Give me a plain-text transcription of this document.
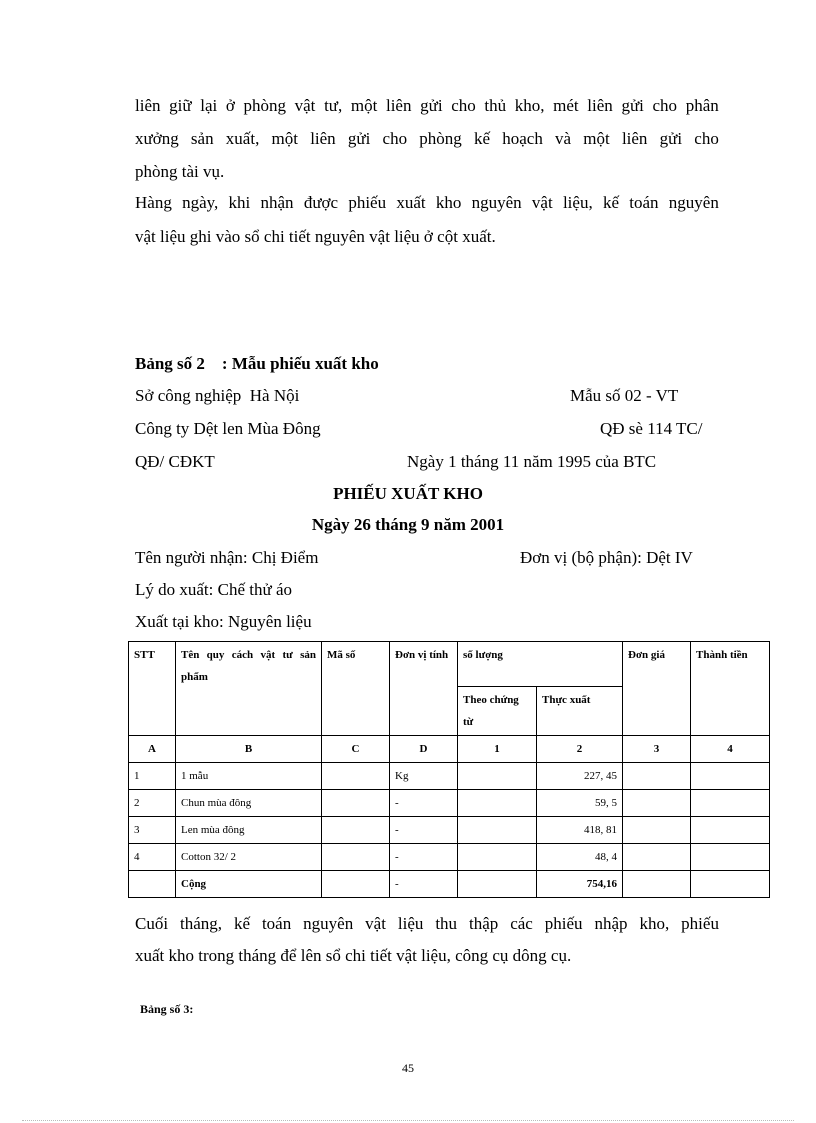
liên giữ lại ở phòng vật tư, một liên gửi cho thủ kho, mét liên gửi cho phân
xưởng sản xuất, một liên gửi cho phòng kế hoạch và một liên gửi cho
phòng tài vụ.
Hàng ngày, khi nhận được phiếu xuất kho nguyên vật liệu, kế toán nguyên
vật liệu ghi vào sổ chi tiết nguyên vật liệu ở cột xuất.
Bảng số 2    : Mẫu phiếu xuất kho
Sở công nghiệp  Hà Nội	Mẫu số 02 - VT
Công ty Dệt len Mùa Đông	QĐ sè 114 TC/
QĐ/ CĐKT	Ngày 1 tháng 11 năm 1995 của BTC
PHIẾU XUẤT KHO
Ngày 26 tháng 9 năm 2001
Tên người nhận: Chị Điểm	Đơn vị (bộ phận): Dệt IV
Lý do xuất: Chế thử áo
Xuất tại kho: Nguyên liệu
STT	Tên quy cách vật tư sản phẩm	Mã số	Đơn vị tính	số lượng		Đơn giá	Thành tiền
				Theo chứng từ	Thực xuất		
A	B	C	D	1	2	3	4
1	1 mẫu		Kg		227, 45		
2	Chun mùa đông		-		59, 5		
3	Len mùa đông		-		418, 81		
4	Cotton 32/ 2		-		48, 4		
	Cộng		-		754,16		
Cuối tháng, kế toán nguyên vật liệu thu thập các phiếu nhập kho, phiếu
xuất kho trong tháng để lên sổ chi tiết vật liệu, công cụ dông cụ.
Bảng số 3:
45
